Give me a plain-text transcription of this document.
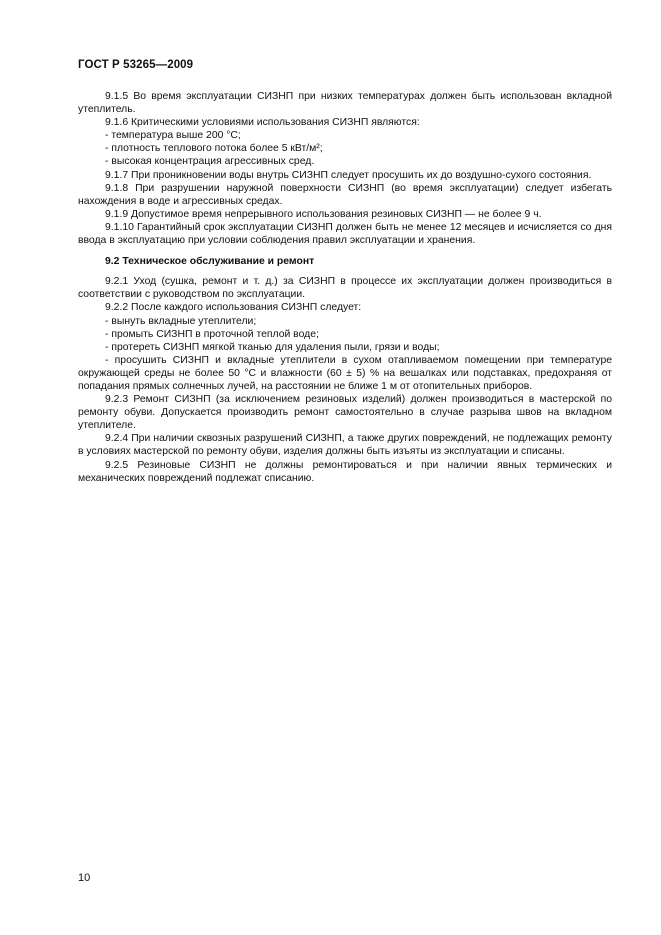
ГОСТ Р 53265—2009

9.1.5 Во время эксплуатации СИЗНП при низких температурах должен быть использован вкладной утеплитель.

9.1.6 Критическими условиями использования СИЗНП являются:

- температура выше 200 °С;

- плотность теплового потока более 5 кВт/м²;

- высокая концентрация агрессивных сред.

9.1.7 При проникновении воды внутрь СИЗНП следует просушить их до воздушно-сухого состояния.

9.1.8 При разрушении наружной поверхности СИЗНП (во время эксплуатации) следует избегать нахождения в воде и агрессивных средах.

9.1.9 Допустимое время непрерывного использования резиновых СИЗНП — не более 9 ч.

9.1.10 Гарантийный срок эксплуатации СИЗНП должен быть не менее 12 месяцев и исчисляется со дня ввода в эксплуатацию при условии соблюдения правил эксплуатации и хранения.

9.2 Техническое обслуживание и ремонт

9.2.1 Уход (сушка, ремонт и т. д.) за СИЗНП в процессе их эксплуатации должен производиться в соответствии с руководством по эксплуатации.

9.2.2 После каждого использования СИЗНП следует:

- вынуть вкладные утеплители;

- промыть СИЗНП в проточной теплой воде;

- протереть СИЗНП мягкой тканью для удаления пыли, грязи и воды;

- просушить СИЗНП и вкладные утеплители в сухом отапливаемом помещении при температуре окружающей среды не более 50 °С и влажности (60 ± 5) % на вешалках или подставках, предохраняя от попадания прямых солнечных лучей, на расстоянии не ближе 1 м от отопительных приборов.

9.2.3 Ремонт СИЗНП (за исключением резиновых изделий) должен производиться в мастерской по ремонту обуви. Допускается производить ремонт самостоятельно в случае разрыва швов на вкладном утеплителе.

9.2.4 При наличии сквозных разрушений СИЗНП, а также других повреждений, не подлежащих ремонту в условиях мастерской по ремонту обуви, изделия должны быть изъяты из эксплуатации и списаны.

9.2.5 Резиновые СИЗНП не должны ремонтироваться и при наличии явных термических и механических повреждений подлежат списанию.

10
